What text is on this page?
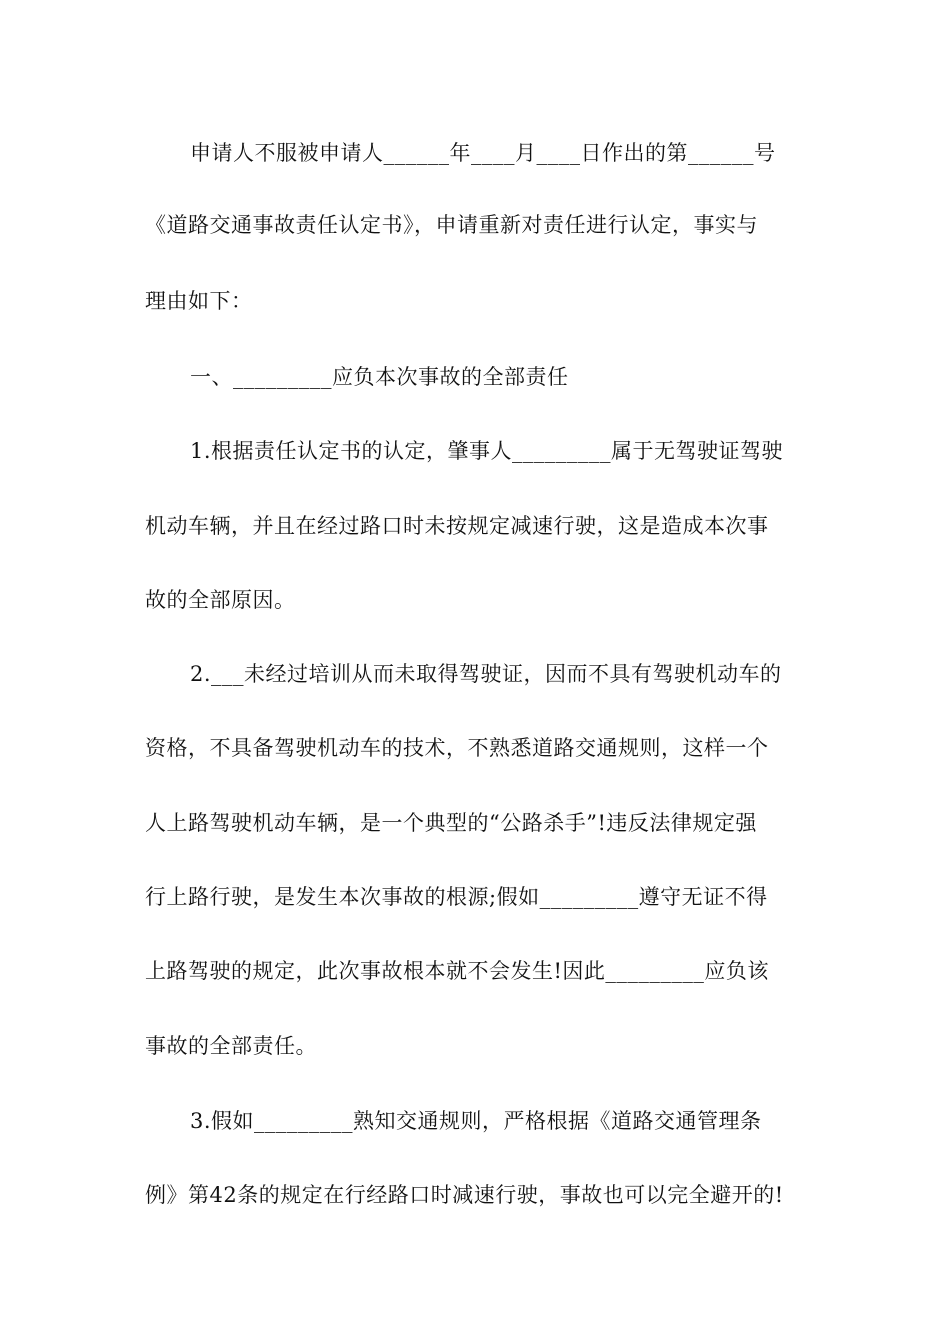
申请人不服被申请人______年____月____日作出的第______号
《道路交通事故责任认定书》，申请重新对责任进行认定，事实与
理由如下：
一、_________应负本次事故的全部责任
1.根据责任认定书的认定，肇事人_________属于无驾驶证驾驶
机动车辆，并且在经过路口时未按规定减速行驶，这是造成本次事
故的全部原因。
2.___未经过培训从而未取得驾驶证，因而不具有驾驶机动车的
资格，不具备驾驶机动车的技术，不熟悉道路交通规则，这样一个
人上路驾驶机动车辆，是一个典型的“公路杀手”!违反法律规定强
行上路行驶，是发生本次事故的根源;假如_________遵守无证不得
上路驾驶的规定，此次事故根本就不会发生!因此_________应负该
事故的全部责任。
3.假如_________熟知交通规则，严格根据《道路交通管理条
例》第42条的规定在行经路口时减速行驶，事故也可以完全避开的!
